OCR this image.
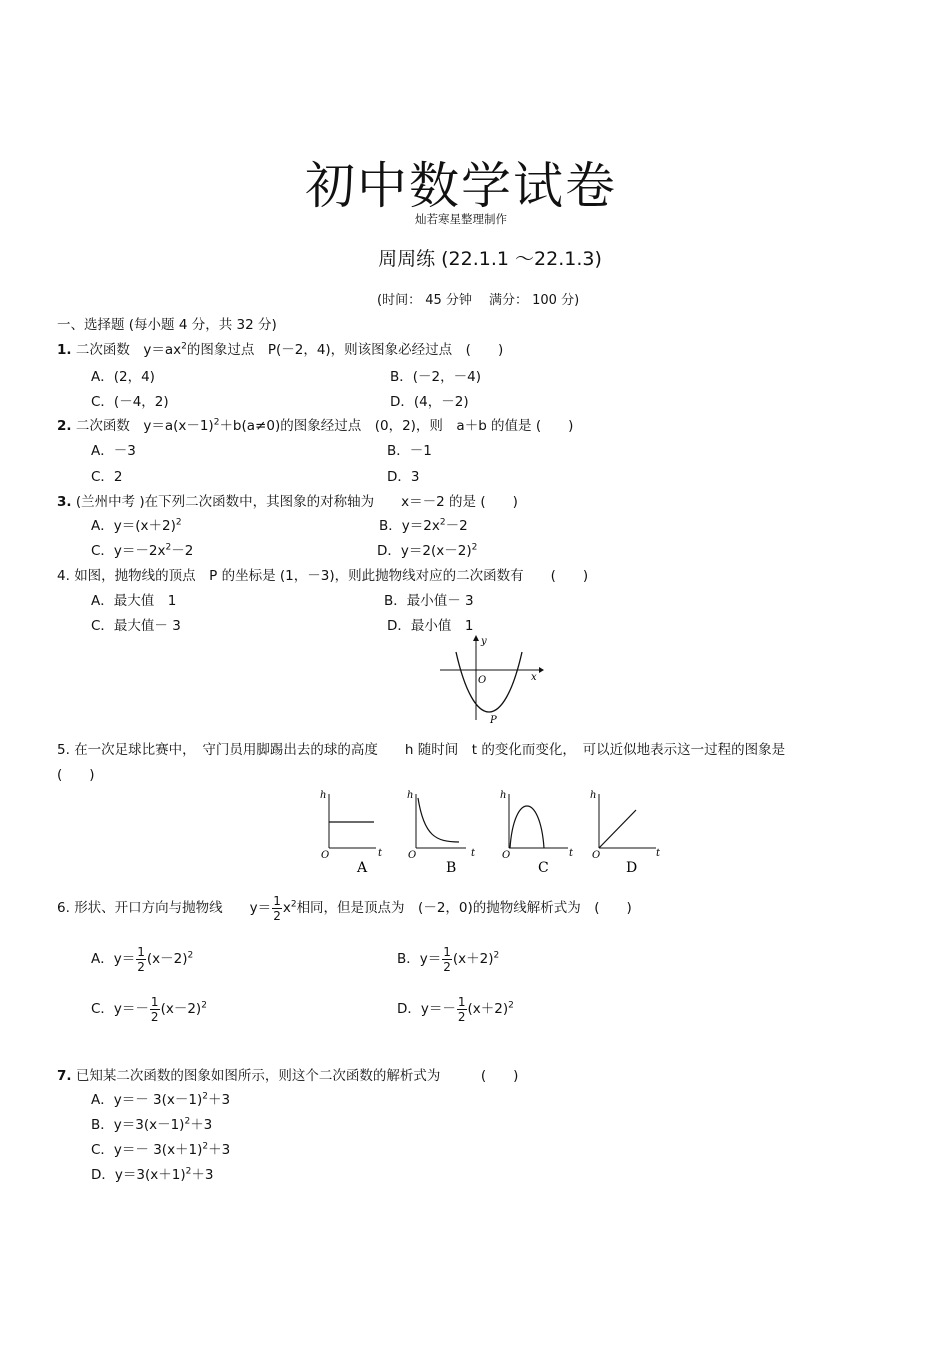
初中数学试卷
灿若寒星整理制作
周周练 (22.1.1 ～22.1.3)
(时间： 45 分钟　 满分： 100 分)
一、选择题 (每小题 4 分，共 32 分)
1. 二次函数　$y=ax^2$的图象过点　P(－2，4)，则该图象必经过点　(　　)
A．(2，4)	B．(－2，－4)
C．(－4，2)	D．(4，－2)
2. 二次函数　$y=a(x-1)^2+b(a\ne 0)$的图象经过点　(0，2)，则　a＋b 的值是 (　　)
A．－3	B．－1
C．2	D．3
3. (兰州中考 )在下列二次函数中，其图象的对称轴为　　x＝－2 的是 (　　)
A．$y=(x+2)^2$	B．$y=2x^2-2$
C．$y=-2x^2-2$	D．$y=2(x-2)^2$
4. 如图，抛物线的顶点　P 的坐标是 (1，－3)，则此抛物线对应的二次函数有　　(　　)
A．最大值　1	B．最小值－ 3
C．最大值－ 3	D．最小值　1
y
x
O
P
5. 在一次足球比赛中，　守门员用脚踢出去的球的高度　　h 随时间　t 的变化而变化，　可以近似地表示这一过程的图象是
(　　)
h
t
O
A
h
t
O
B
h
t
O
C
h
t
O
D
6. 形状、开口方向与抛物线　　$y= \frac{1}{2} x^2$相同，但是顶点为　(－2，0)的抛物线解析式为　(　　)
A．$y= \frac{1}{2} (x-2)^2$	B．$y= \frac{1}{2} (x+2)^2$
C．$y=- \frac{1}{2} (x-2)^2$	D．$y=- \frac{1}{2} (x+2)^2$
7. 已知某二次函数的图象如图所示，则这个二次函数的解析式为　　　(　　)
A．$y=- 3(x-1)^2+3$
B．$y=3(x-1)^2+3$
C．$y=- 3(x+1)^2+3$
D．$y=3(x+1)^2+3$
